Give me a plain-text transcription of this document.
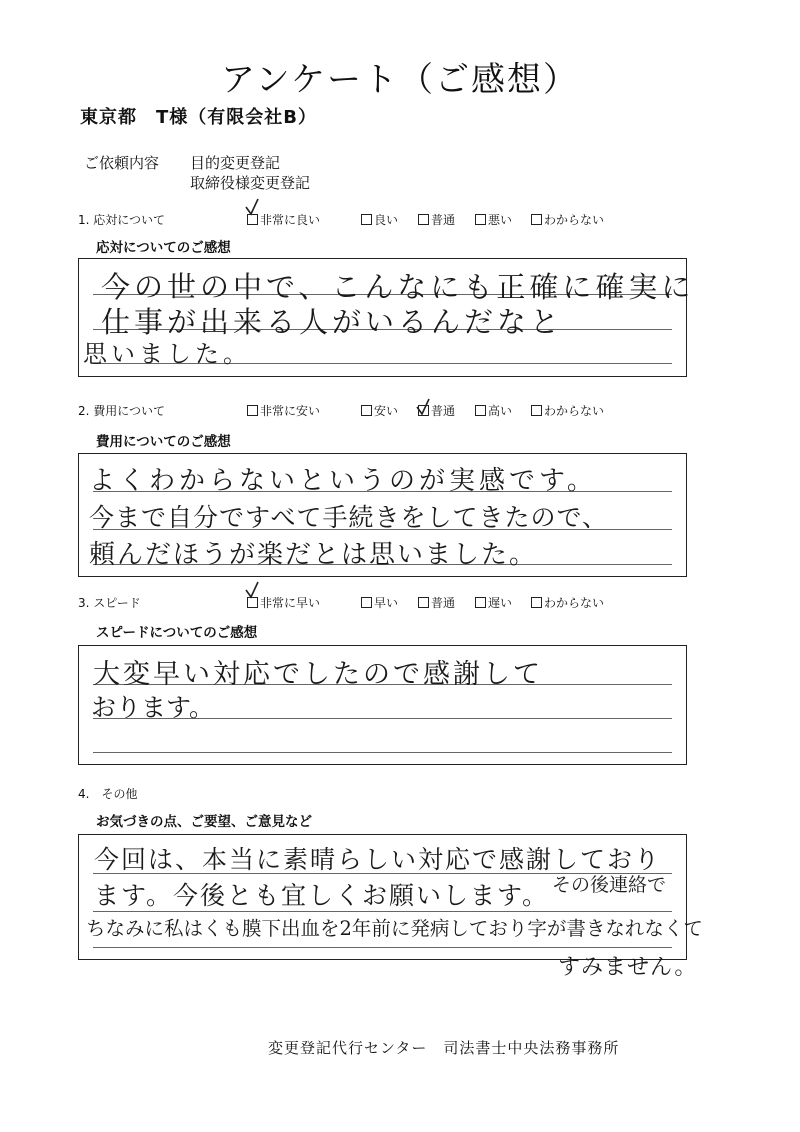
アンケート（ご感想）
東京都　T様（有限会社B）
ご依頼内容 目的変更登記
取締役様変更登記
1. 応対について	非常に良い	良い	普通	悪い	わからない
応対についてのご感想
今の世の中で、こんなにも正確に確実に
仕事が出来る人がいるんだなと
思いました。
2. 費用について	非常に安い	安い	普通	高い	わからない
費用についてのご感想
よくわからないというのが実感です。
今まで自分ですべて手続きをしてきたので、
頼んだほうが楽だとは思いました。
3. スピード	非常に早い	早い	普通	遅い	わからない
スピードについてのご感想
大変早い対応でしたので感謝して
おります。
4.　その他
お気づきの点、ご要望、ご意見など
今回は、本当に素晴らしい対応で感謝しており
ます。今後とも宜しくお願いします。 その後連絡で
ちなみに私はくも膜下出血を2年前に発病しており字が書きなれなくて
すみません。
変更登記代行センター　司法書士中央法務事務所
